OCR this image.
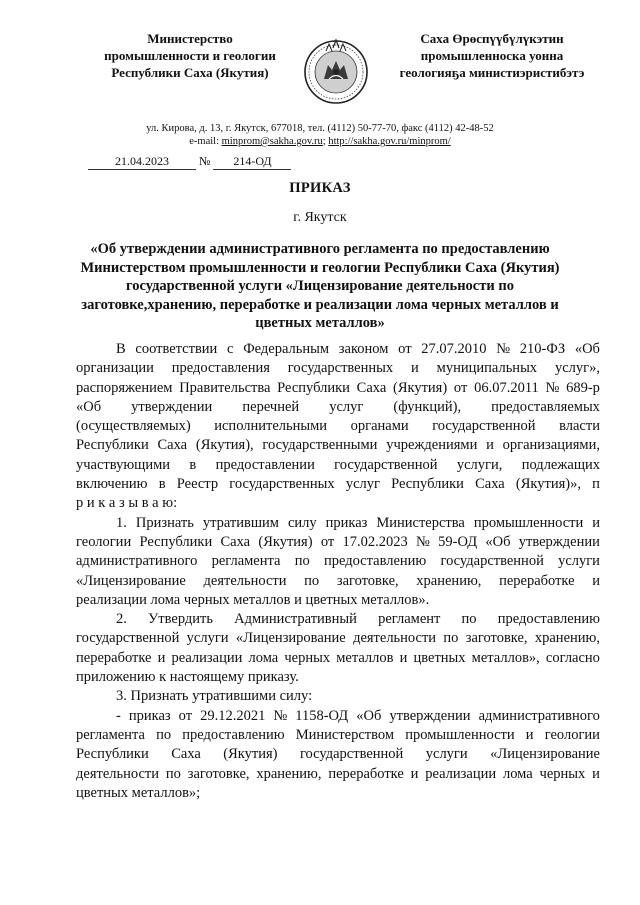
Министерство
промышленности и геологии
Республики Саха (Якутия)
Саха Өрөспүүбүлүкэтин
промышленноска уонна
геологияҕа министиэристибэтэ
ул. Кирова, д. 13, г. Якутск, 677018, тел. (4112) 50-77-70, факс (4112) 42-48-52
e-mail: minprom@sakha.gov.ru; http://sakha.gov.ru/minprom/
21.04.2023	№ 214-ОД
ПРИКАЗ
г. Якутск
«Об утверждении административного регламента по предоставлению
Министерством промышленности и геологии Республики Саха (Якутия)
государственной услуги «Лицензирование деятельности по
заготовке,хранению, переработке и реализации лома черных металлов и
цветных металлов»
В соответствии с Федеральным законом от 27.07.2010 № 210-ФЗ «Об
организации предоставления государственных и муниципальных услуг»,
распоряжением Правительства Республики Саха (Якутия) от 06.07.2011 № 689-р
«Об утверждении перечней услуг (функций), предоставляемых
(осуществляемых) исполнительными органами государственной власти
Республики Саха (Якутия), государственными учреждениями и организациями,
участвующими в предоставлении государственной услуги, подлежащих
включению в Реестр государственных услуг Республики Саха (Якутия)», п
р и к а з ы в а ю:
1. Признать утратившим силу приказ Министерства промышленности и
геологии Республики Саха (Якутия) от 17.02.2023 № 59-ОД «Об утверждении
административного регламента по предоставлению государственной услуги
«Лицензирование деятельности по заготовке, хранению, переработке и
реализации лома черных металлов и цветных металлов».
2. Утвердить Административный регламент по предоставлению
государственной услуги «Лицензирование деятельности по заготовке, хранению,
переработке и реализации лома черных металлов и цветных металлов», согласно
приложению к настоящему приказу.
3. Признать утратившими силу:
- приказ от 29.12.2021 № 1158-ОД «Об утверждении административного
регламента по предоставлению Министерством промышленности и геологии
Республики Саха (Якутия) государственной услуги «Лицензирование
деятельности по заготовке, хранению, переработке и реализации лома черных и
цветных металлов»;
